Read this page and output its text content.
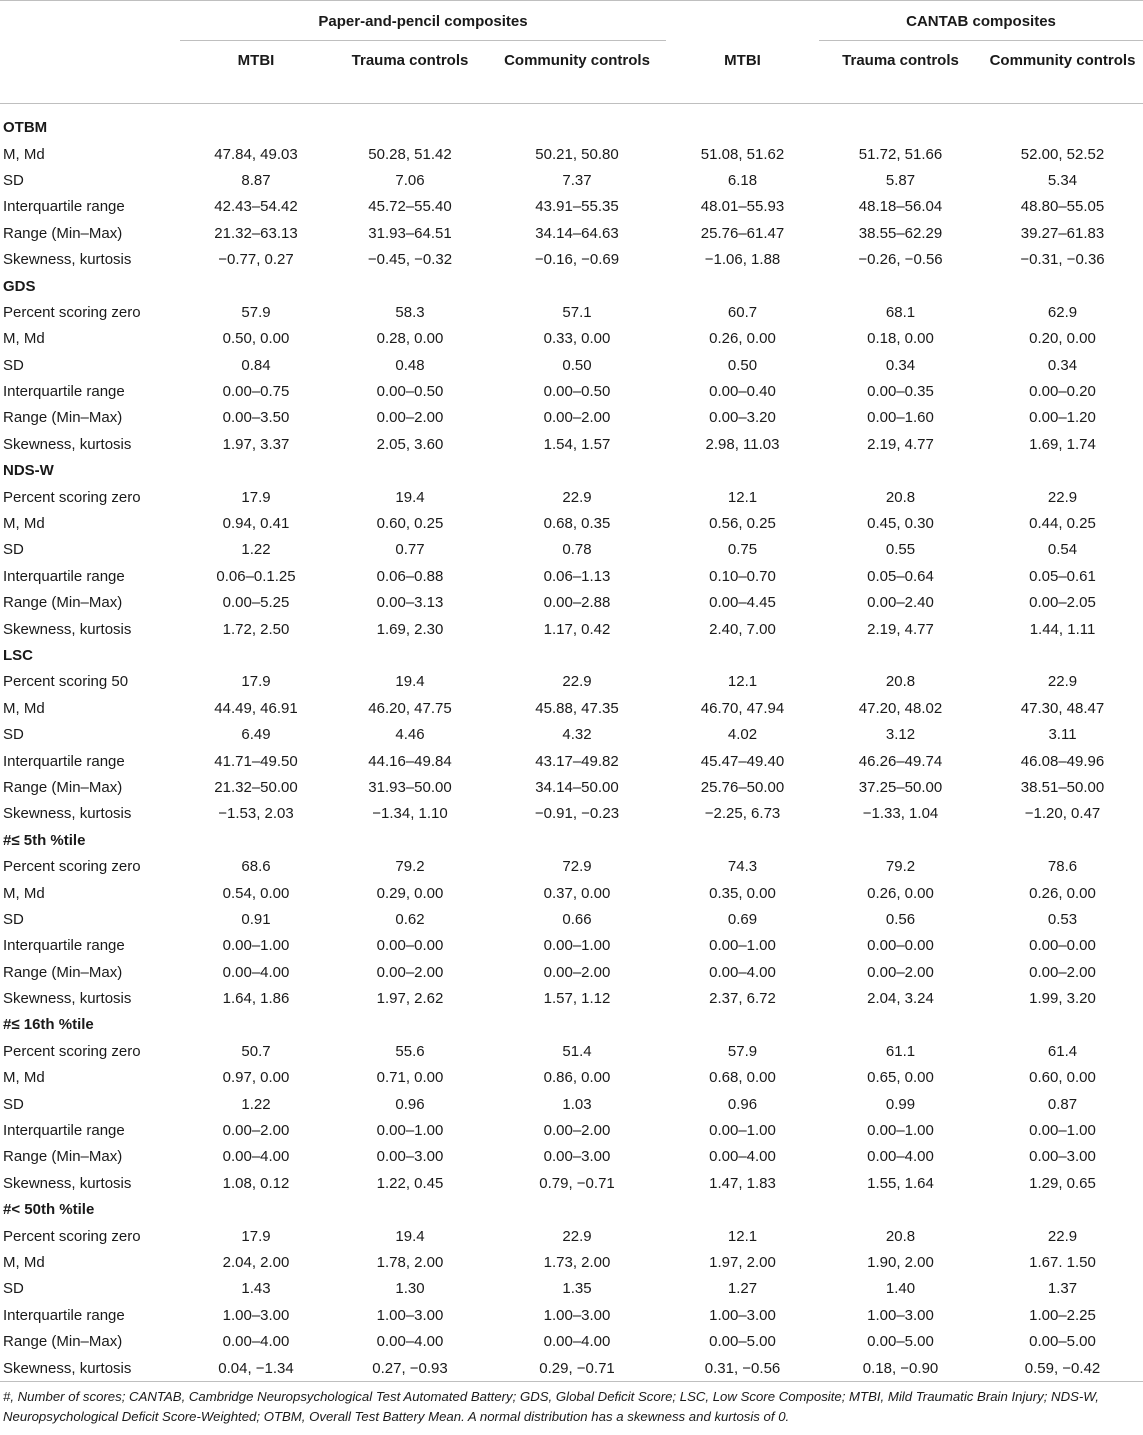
	Paper-and-pencil composites				CANTAB composites	
	MTBI	Trauma controls	Community controls	MTBI	Trauma controls	Community controls

OTBM						
M, Md	47.84, 49.03	50.28, 51.42	50.21, 50.80	51.08, 51.62	51.72, 51.66	52.00, 52.52
SD	8.87	7.06	7.37	6.18	5.87	5.34
Interquartile range	42.43–54.42	45.72–55.40	43.91–55.35	48.01–55.93	48.18–56.04	48.80–55.05
Range (Min–Max)	21.32–63.13	31.93–64.51	34.14–64.63	25.76–61.47	38.55–62.29	39.27–61.83
Skewness, kurtosis	−0.77, 0.27	−0.45, −0.32	−0.16, −0.69	−1.06, 1.88	−0.26, −0.56	−0.31, −0.36
GDS						
Percent scoring zero	57.9	58.3	57.1	60.7	68.1	62.9
M, Md	0.50, 0.00	0.28, 0.00	0.33, 0.00	0.26, 0.00	0.18, 0.00	0.20, 0.00
SD	0.84	0.48	0.50	0.50	0.34	0.34
Interquartile range	0.00–0.75	0.00–0.50	0.00–0.50	0.00–0.40	0.00–0.35	0.00–0.20
Range (Min–Max)	0.00–3.50	0.00–2.00	0.00–2.00	0.00–3.20	0.00–1.60	0.00–1.20
Skewness, kurtosis	1.97, 3.37	2.05, 3.60	1.54, 1.57	2.98, 11.03	2.19, 4.77	1.69, 1.74
NDS-W						
Percent scoring zero	17.9	19.4	22.9	12.1	20.8	22.9
M, Md	0.94, 0.41	0.60, 0.25	0.68, 0.35	0.56, 0.25	0.45, 0.30	0.44, 0.25
SD	1.22	0.77	0.78	0.75	0.55	0.54
Interquartile range	0.06–0.1.25	0.06–0.88	0.06–1.13	0.10–0.70	0.05–0.64	0.05–0.61
Range (Min–Max)	0.00–5.25	0.00–3.13	0.00–2.88	0.00–4.45	0.00–2.40	0.00–2.05
Skewness, kurtosis	1.72, 2.50	1.69, 2.30	1.17, 0.42	2.40, 7.00	2.19, 4.77	1.44, 1.11
LSC						
Percent scoring 50	17.9	19.4	22.9	12.1	20.8	22.9
M, Md	44.49, 46.91	46.20, 47.75	45.88, 47.35	46.70, 47.94	47.20, 48.02	47.30, 48.47
SD	6.49	4.46	4.32	4.02	3.12	3.11
Interquartile range	41.71–49.50	44.16–49.84	43.17–49.82	45.47–49.40	46.26–49.74	46.08–49.96
Range (Min–Max)	21.32–50.00	31.93–50.00	34.14–50.00	25.76–50.00	37.25–50.00	38.51–50.00
Skewness, kurtosis	−1.53, 2.03	−1.34, 1.10	−0.91, −0.23	−2.25, 6.73	−1.33, 1.04	−1.20, 0.47
#≤ 5th %tile						
Percent scoring zero	68.6	79.2	72.9	74.3	79.2	78.6
M, Md	0.54, 0.00	0.29, 0.00	0.37, 0.00	0.35, 0.00	0.26, 0.00	0.26, 0.00
SD	0.91	0.62	0.66	0.69	0.56	0.53
Interquartile range	0.00–1.00	0.00–0.00	0.00–1.00	0.00–1.00	0.00–0.00	0.00–0.00
Range (Min–Max)	0.00–4.00	0.00–2.00	0.00–2.00	0.00–4.00	0.00–2.00	0.00–2.00
Skewness, kurtosis	1.64, 1.86	1.97, 2.62	1.57, 1.12	2.37, 6.72	2.04, 3.24	1.99, 3.20
#≤ 16th %tile						
Percent scoring zero	50.7	55.6	51.4	57.9	61.1	61.4
M, Md	0.97, 0.00	0.71, 0.00	0.86, 0.00	0.68, 0.00	0.65, 0.00	0.60, 0.00
SD	1.22	0.96	1.03	0.96	0.99	0.87
Interquartile range	0.00–2.00	0.00–1.00	0.00–2.00	0.00–1.00	0.00–1.00	0.00–1.00
Range (Min–Max)	0.00–4.00	0.00–3.00	0.00–3.00	0.00–4.00	0.00–4.00	0.00–3.00
Skewness, kurtosis	1.08, 0.12	1.22, 0.45	0.79, −0.71	1.47, 1.83	1.55, 1.64	1.29, 0.65
#< 50th %tile						
Percent scoring zero	17.9	19.4	22.9	12.1	20.8	22.9
M, Md	2.04, 2.00	1.78, 2.00	1.73, 2.00	1.97, 2.00	1.90, 2.00	1.67. 1.50
SD	1.43	1.30	1.35	1.27	1.40	1.37
Interquartile range	1.00–3.00	1.00–3.00	1.00–3.00	1.00–3.00	1.00–3.00	1.00–2.25
Range (Min–Max)	0.00–4.00	0.00–4.00	0.00–4.00	0.00–5.00	0.00–5.00	0.00–5.00
Skewness, kurtosis	0.04, −1.34	0.27, −0.93	0.29, −0.71	0.31, −0.56	0.18, −0.90	0.59, −0.42
#, Number of scores; CANTAB, Cambridge Neuropsychological Test Automated Battery; GDS, Global Deficit Score; LSC, Low Score Composite; MTBI, Mild Traumatic Brain Injury; NDS-W, Neuropsychological Deficit Score-Weighted; OTBM, Overall Test Battery Mean. A normal distribution has a skewness and kurtosis of 0.
